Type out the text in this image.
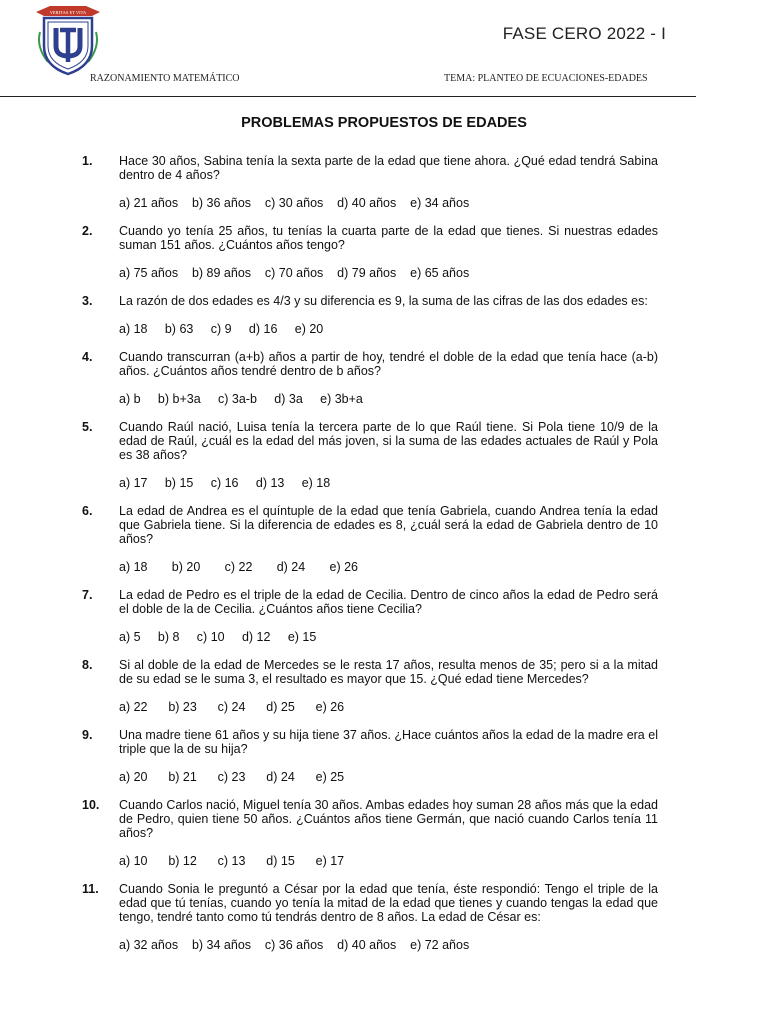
VERITAS ET VITA
FASE CERO 2022 - I
RAZONAMIENTO MATEMÁTICO	TEMA: PLANTEO DE ECUACIONES-EDADES
PROBLEMAS PROPUESTOS DE EDADES
1. Hace 30 años, Sabina tenía la sexta parte de la edad que tiene ahora. ¿Qué edad tendrá Sabina dentro de 4 años?
a) 21 años    b) 36 años    c) 30 años    d) 40 años    e) 34 años
2. Cuando yo tenía 25 años, tu tenías la cuarta parte de la edad que tienes. Si nuestras edades suman 151 años. ¿Cuántos años tengo?
a) 75 años    b) 89 años    c) 70 años    d) 79 años    e) 65 años
3. La razón de dos edades es 4/3 y su diferencia es 9, la suma de las cifras de las dos edades es:
a) 18     b) 63     c) 9     d) 16     e) 20
4. Cuando transcurran (a+b) años a partir de hoy, tendré el doble de la edad que tenía hace (a-b) años. ¿Cuántos años tendré dentro de b años?
a) b     b) b+3a     c) 3a-b     d) 3a     e) 3b+a
5. Cuando Raúl nació, Luisa tenía la tercera parte de lo que Raúl tiene. Si Pola tiene 10/9 de la edad de Raúl, ¿cuál es la edad del más joven, si la suma de las edades actuales de Raúl y Pola es 38 años?
a) 17     b) 15     c) 16     d) 13     e) 18
6. La edad de Andrea es el quíntuple de la edad que tenía Gabriela, cuando Andrea tenía la edad que Gabriela tiene. Si la diferencia de edades es 8, ¿cuál será la edad de Gabriela dentro de 10 años?
a) 18       b) 20       c) 22       d) 24       e) 26
7. La edad de Pedro es el triple de la edad de Cecilia. Dentro de cinco años la edad de Pedro será el doble de la de Cecilia. ¿Cuántos años tiene Cecilia?
a) 5     b) 8     c) 10     d) 12     e) 15
8. Si al doble de la edad de Mercedes se le resta 17 años, resulta menos de 35; pero si a la mitad de su edad se le suma 3, el resultado es mayor que 15. ¿Qué edad tiene Mercedes?
a) 22      b) 23      c) 24      d) 25      e) 26
9. Una madre tiene 61 años y su hija tiene 37 años. ¿Hace cuántos años la edad de la madre era el triple que la de su hija?
a) 20      b) 21      c) 23      d) 24      e) 25
10. Cuando Carlos nació, Miguel tenía 30 años. Ambas edades hoy suman 28 años más que la edad de Pedro, quien tiene 50 años. ¿Cuántos años tiene Germán, que nació cuando Carlos tenía 11 años?
a) 10      b) 12      c) 13      d) 15      e) 17
11. Cuando Sonia le preguntó a César por la edad que tenía, éste respondió: Tengo el triple de la edad que tú tenías, cuando yo tenía la mitad de la edad que tienes y cuando tengas la edad que tengo, tendré tanto como tú tendrás dentro de 8 años. La edad de César es:
a) 32 años    b) 34 años    c) 36 años    d) 40 años    e) 72 años
